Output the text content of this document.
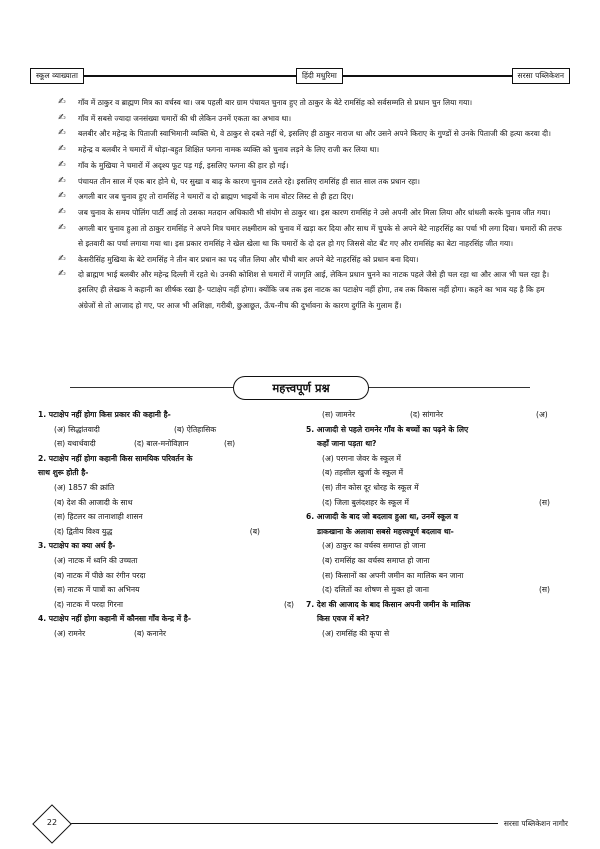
स्कूल व्याख्याता	हिंदी मधुरिमा	सरसा पब्लिकेशन
✍ गाँव में ठाकुर व ब्राह्मण मित्र का वर्चस्व था। जब पहली बार ग्राम पंचायत चुनाव हुए तो ठाकुर के बेटे रामसिंह को सर्वसम्मति से प्रधान चुन लिया गया।
✍ गाँव में सबसे ज्यादा जनसंख्या चमारों की थी लेकिन उनमें एकता का अभाव था।
✍ बलबीर और महेन्द्र के पिताजी स्वाभिमानी व्यक्ति थे, वे ठाकुर से दबते नहीं थे, इसलिए ही ठाकुर नाराज था और उसने अपने किराए के गुण्डों से उनके पिताजी की हत्या करवा दी।
✍ महेन्द्र व बलबीर ने चमारों में थोड़ा-बहुत शिक्षित फगना नामक व्यक्ति को चुनाव लड़ने के लिए राजी कर लिया था।
✍ गाँव के मुखिया ने चमारों में अदृश्य फूट पड़ गई, इसलिए फगना की हार हो गई।
✍ पंचायत तीन साल में एक बार होने थे, पर सुखा व बाढ़ के कारण चुनाव टलते रहे। इसलिए रामसिंह ही सात साल तक प्रधान रहा।
✍ अगली बार जब चुनाव हुए तो रामसिंह ने चमारों व दो ब्राह्मण भाइयों के नाम वोटर लिस्ट से ही हटा दिए।
✍ जब चुनाव के समय पोलिंग पार्टी आई तो उसका मतदान अधिकारी भी संयोग से ठाकुर था। इस कारण रामसिंह ने उसे अपनी ओर मिला लिया और धांधली करके चुनाव जीत गया।
✍ अगली बार चुनाव हुआ तो ठाकुर रामसिंह ने अपने मित्र चमार लक्ष्मीराम को चुनाव में खड़ा कर दिया और साथ में चुपके से अपने बेटे नाहरसिंह का पर्चा भी लगा दिया। चमारों की तरफ से इतवारी का पर्चा लगाया गया था। इस प्रकार रामसिंह ने खेल खेला था कि चमारों के दो दल हो गए जिससे वोट बँट गए और रामसिंह का बेटा नाहरसिंह जीत गया।
✍ केसरीसिंह मुखिया के बेटे रामसिंह ने तीन बार प्रधान का पद जीत लिया और चौथी बार अपने बेटे नाहरसिंह को प्रधान बना दिया।
✍ दो ब्राह्मण भाई बलबीर और महेन्द्र दिल्ली में रहते थे। उनकी कोशिश से चमारों में जागृति आई, लेकिन प्रधान चुनने का नाटक पहले जैसे ही चल रहा था और आज भी चल रहा है। इसलिए ही लेखक ने कहानी का शीर्षक रखा है- पटाक्षेप नहीं होगा। क्योंकि जब तक इस नाटक का पटाक्षेप नहीं होगा, तब तक विकास नहीं होगा। कहने का भाव यह है कि हम अंग्रेजों से तो आजाद हो गए, पर आज भी अशिक्षा, गरीबी, छुआछूत, ऊँच-नीच की दुर्भावना के कारण दुर्गति के गुलाम हैं।
महत्त्वपूर्ण प्रश्न
1. पटाक्षेप नहीं होगा किस प्रकार की कहानी है-
(अ) सिद्धांतवादी	(ब) ऐतिहासिक
(स) यथार्थवादी	(द) बाल-मनोविज्ञान	(स)
2. पटाक्षेप नहीं होगा कहानी किस सामयिक परिवर्तन के
साथ शुरू होती है-
(अ) 1857 की क्रांति
(ब) देश की आजादी के साथ
(स) हिटलर का तानाशाही शासन
(द) द्वितीय विश्व युद्ध	(ब)
3. पटाक्षेप का क्या अर्थ है-
(अ) नाटक में ध्वनि की उच्चता
(ब) नाटक में पीछे का रंगीन परदा
(स) नाटक में पात्रों का अभिनय
(द) नाटक में परदा गिरना	(द)
4. पटाक्षेप नहीं होगा कहानी में कौनसा गाँव केन्द्र में है-
(अ) रामनेर	(ब) कनानेर
(स) जामनेर	(द) सांगानेर	(अ)
5. आजादी से पहले रामनेर गाँव के बच्चों का पढ़ने के लिए
कहाँ जाना पड़ता था?
(अ) परगना जेवर के स्कूल में
(ब) तहसील खुर्जा के स्कूल में
(स) तीन कोस दूर धोरह के स्कूल में
(द) जिला बुलंदशहर के स्कूल में	(स)
6. आजादी के बाद जो बदलाव हुआ था, उनमें स्कूल व
डाकखाना के अलावा सबसे महत्त्वपूर्ण बदलाव था-
(अ) ठाकुर का वर्चस्व समाप्त हो जाना
(ब) रामसिंह का वर्चस्व समाप्त हो जाना
(स) किसानों का अपनी जमीन का मालिक बन जाना
(द) दलितों का शोषण से मुक्त हो जाना	(स)
7. देश की आजाद के बाद किसान अपनी जमीन के मालिक
किस एवज में बने?
(अ) रामसिंह की कृपा से
22	सरसा पब्लिकेशन नागौर
